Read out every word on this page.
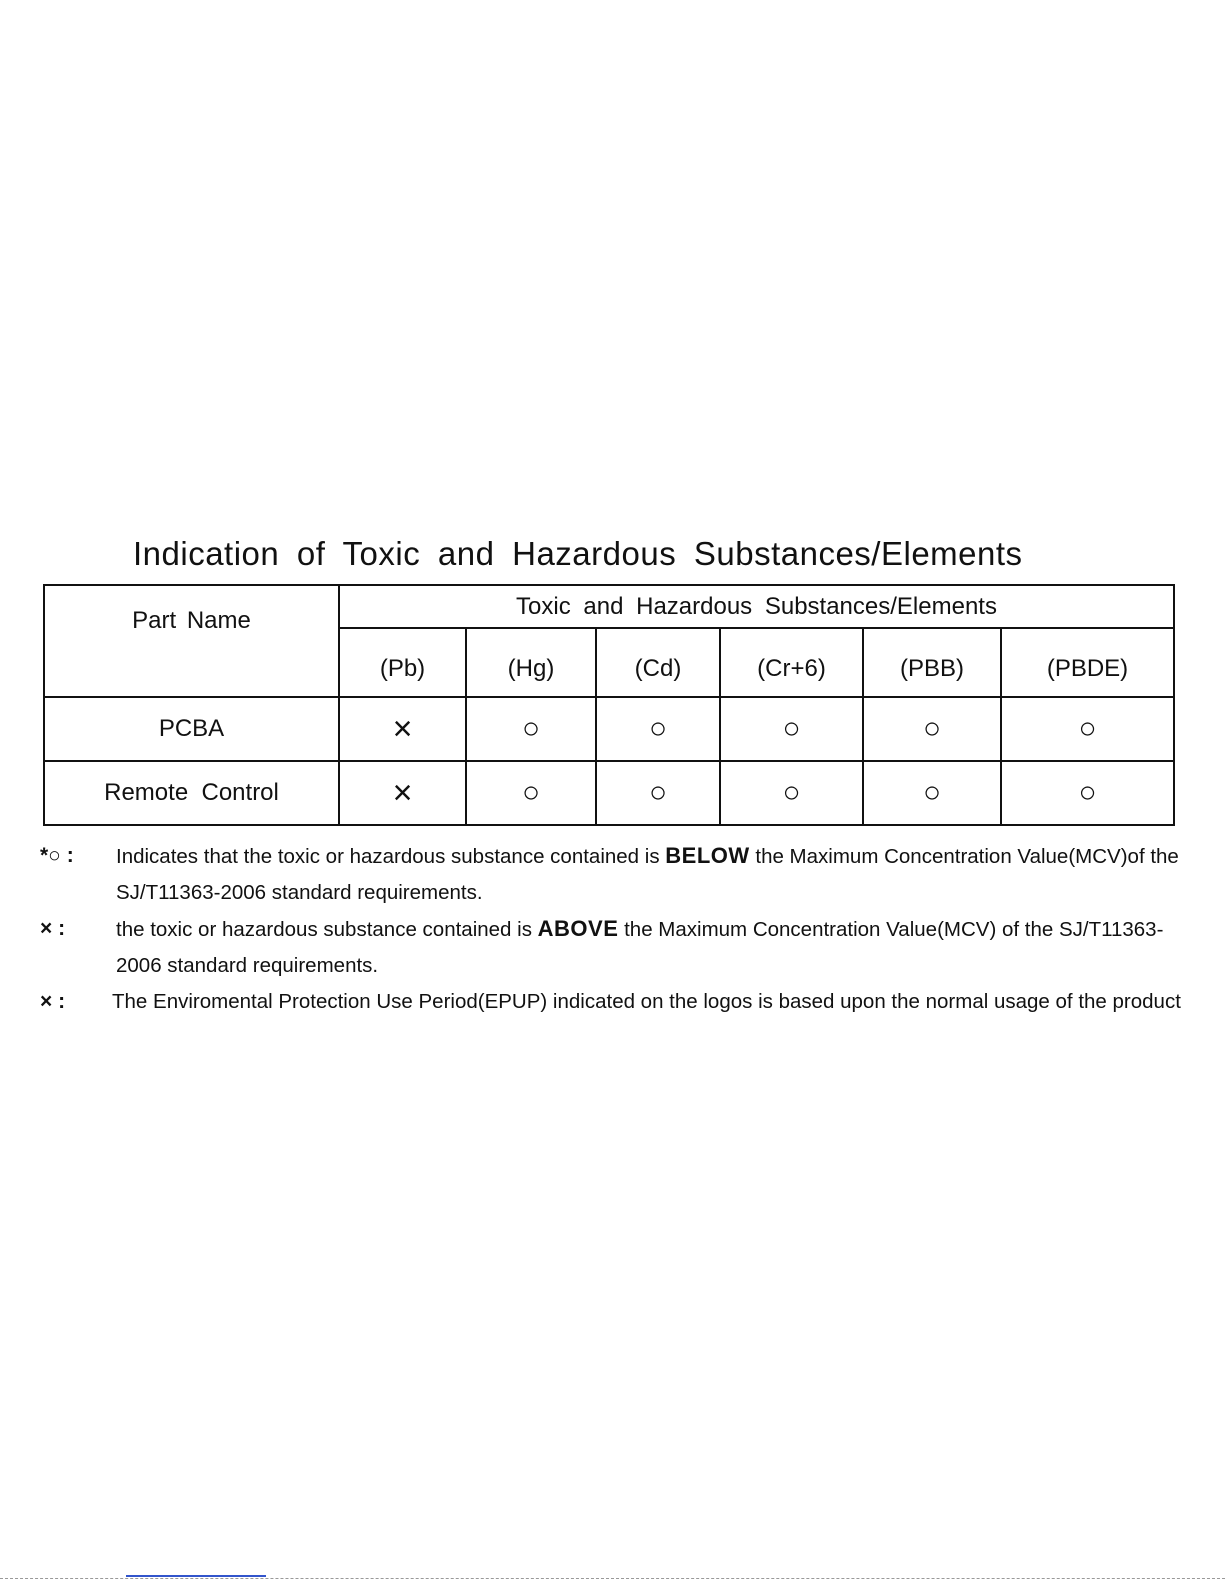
Indication of Toxic and Hazardous Substances/Elements
Part Name	Toxic and Hazardous Substances/Elements					
	(Pb)	(Hg)	(Cd)	(Cr+6)	(PBB)	(PBDE)
PCBA	×	○	○	○	○	○
Remote  Control	×	○	○	○	○	○
*○ : Indicates that the toxic or hazardous substance contained is BELOW the Maximum Concentration Value(MCV)of the SJ/T11363-2006 standard requirements.
× : the toxic or hazardous substance contained is ABOVE the Maximum Concentration Value(MCV) of the SJ/T11363-2006 standard requirements.
× : The Enviromental Protection Use Period(EPUP) indicated on the logos is based upon the normal usage of the product
